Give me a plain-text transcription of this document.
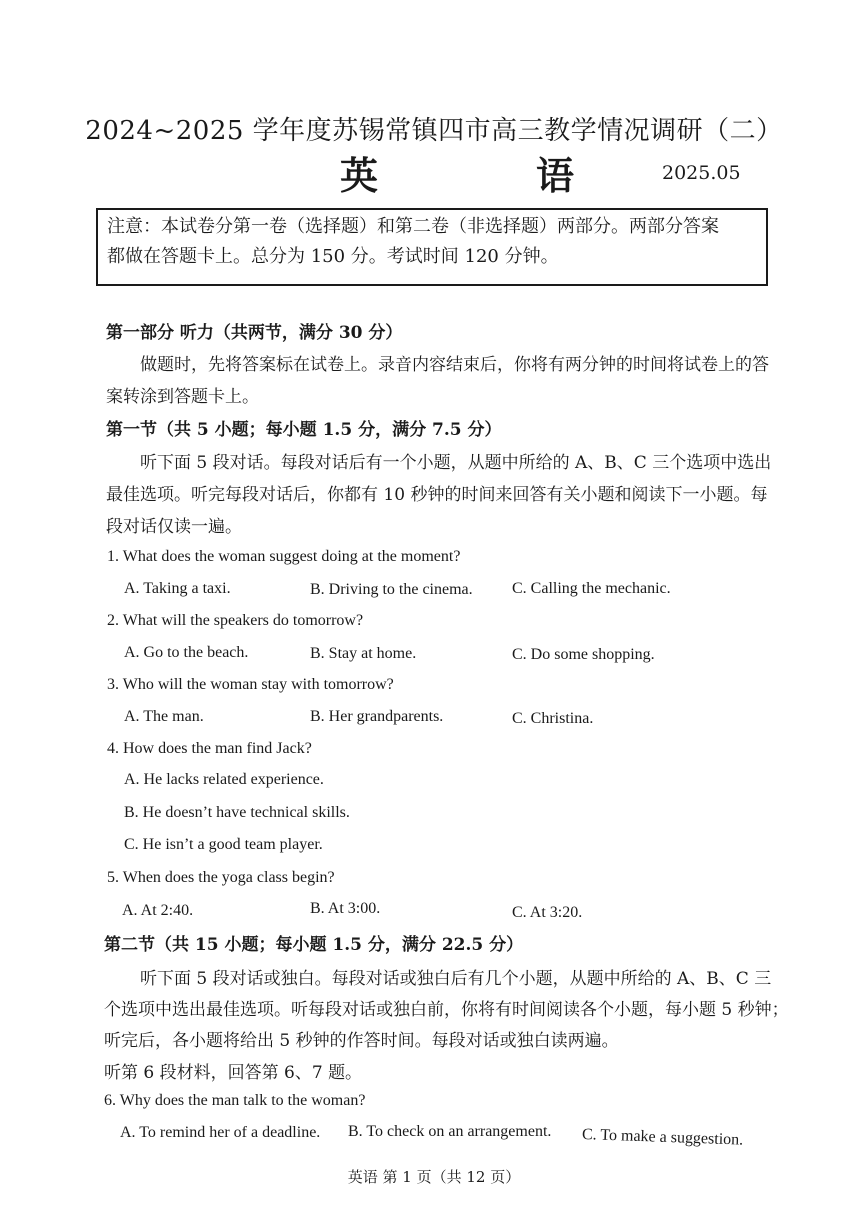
2024~2025 学年度苏锡常镇四市高三教学情况调研（二）
英　语 2025.05
注意：本试卷分第一卷（选择题）和第二卷（非选择题）两部分。两部分答案
都做在答题卡上。总分为 150 分。考试时间 120 分钟。
第一部分 听力（共两节，满分 30 分）
做题时，先将答案标在试卷上。录音内容结束后，你将有两分钟的时间将试卷上的答
案转涂到答题卡上。
第一节（共 5 小题；每小题 1.5 分，满分 7.5 分）
听下面 5 段对话。每段对话后有一个小题，从题中所给的 A、B、C 三个选项中选出
最佳选项。听完每段对话后，你都有 10 秒钟的时间来回答有关小题和阅读下一小题。每
段对话仅读一遍。
1. What does the woman suggest doing at the moment?
A. Taking a taxi.	B. Driving to the cinema. C. Calling the mechanic.
2. What will the speakers do tomorrow?
A. Go to the beach.	B. Stay at home.	C. Do some shopping.
3. Who will the woman stay with tomorrow?
A. The man.	B. Her grandparents.	C. Christina.
4. How does the man find Jack?
A. He lacks related experience.
B. He doesn’t have technical skills.
C. He isn’t a good team player.
5. When does the yoga class begin?
A. At 2:40.	B. At 3:00.	C. At 3:20.
第二节（共 15 小题；每小题 1.5 分，满分 22.5 分）
听下面 5 段对话或独白。每段对话或独白后有几个小题，从题中所给的 A、B、C 三
个选项中选出最佳选项。听每段对话或独白前，你将有时间阅读各个小题，每小题 5 秒钟；
听完后，各小题将给出 5 秒钟的作答时间。每段对话或独白读两遍。
听第 6 段材料，回答第 6、7 题。
6. Why does the man talk to the woman?
A. To remind her of a deadline. B. To check on an arrangement. C. To make a suggestion.
英语 第 1 页（共 12 页）
